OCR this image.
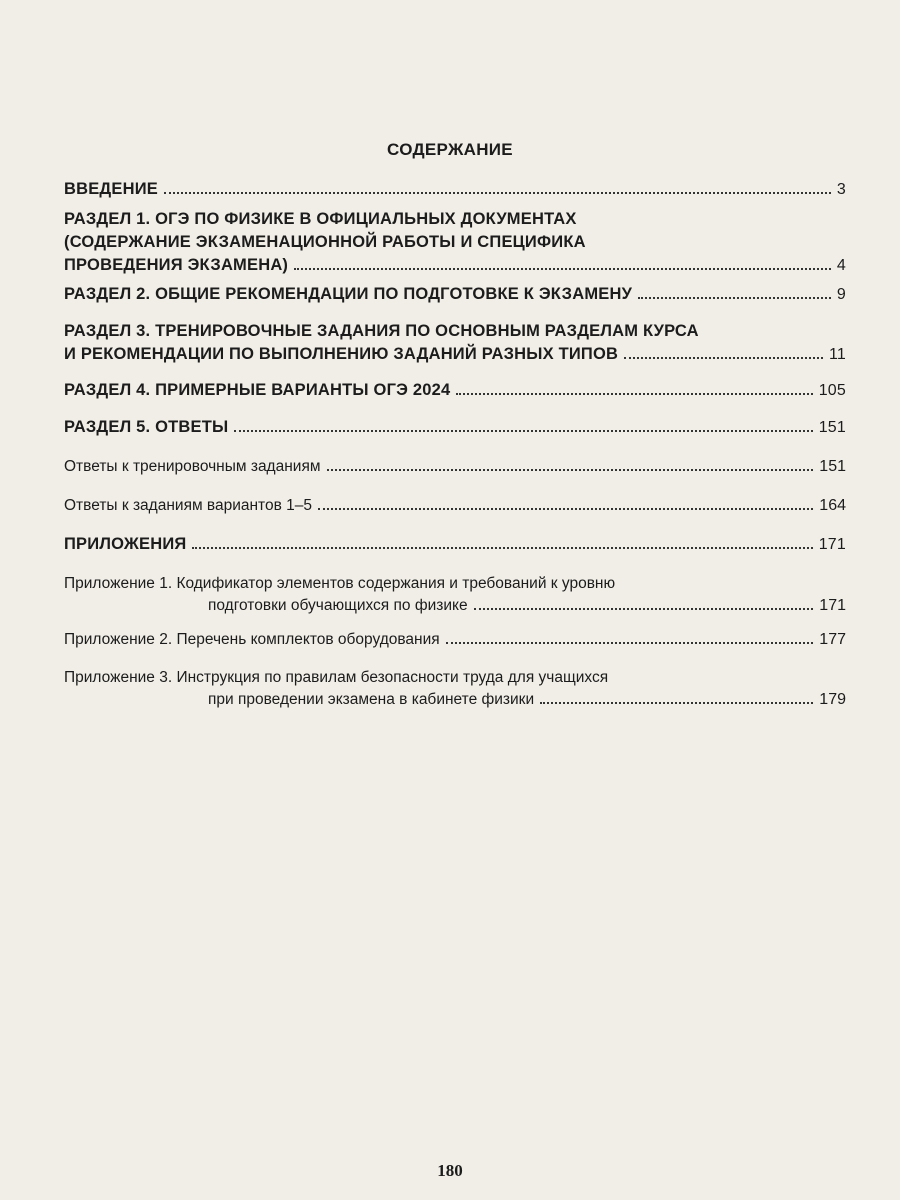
СОДЕРЖАНИЕ
ВВЕДЕНИЕ	3
РАЗДЕЛ 1. ОГЭ ПО ФИЗИКЕ В ОФИЦИАЛЬНЫХ ДОКУМЕНТАХ
(СОДЕРЖАНИЕ ЭКЗАМЕНАЦИОННОЙ РАБОТЫ И СПЕЦИФИКА
ПРОВЕДЕНИЯ ЭКЗАМЕНА)	4
РАЗДЕЛ 2. ОБЩИЕ РЕКОМЕНДАЦИИ ПО ПОДГОТОВКЕ К ЭКЗАМЕНУ	9
РАЗДЕЛ 3. ТРЕНИРОВОЧНЫЕ ЗАДАНИЯ ПО ОСНОВНЫМ РАЗДЕЛАМ КУРСА
И РЕКОМЕНДАЦИИ ПО ВЫПОЛНЕНИЮ ЗАДАНИЙ РАЗНЫХ ТИПОВ	11
РАЗДЕЛ 4. ПРИМЕРНЫЕ ВАРИАНТЫ ОГЭ 2024	105
РАЗДЕЛ 5. ОТВЕТЫ	151
Ответы к тренировочным заданиям	151
Ответы к заданиям вариантов 1–5	164
ПРИЛОЖЕНИЯ	171
Приложение 1. Кодификатор элементов содержания и требований к уровню
подготовки обучающихся по физике	171
Приложение 2. Перечень комплектов оборудования	177
Приложение 3. Инструкция по правилам безопасности труда для учащихся
при проведении экзамена в кабинете физики	179
180
